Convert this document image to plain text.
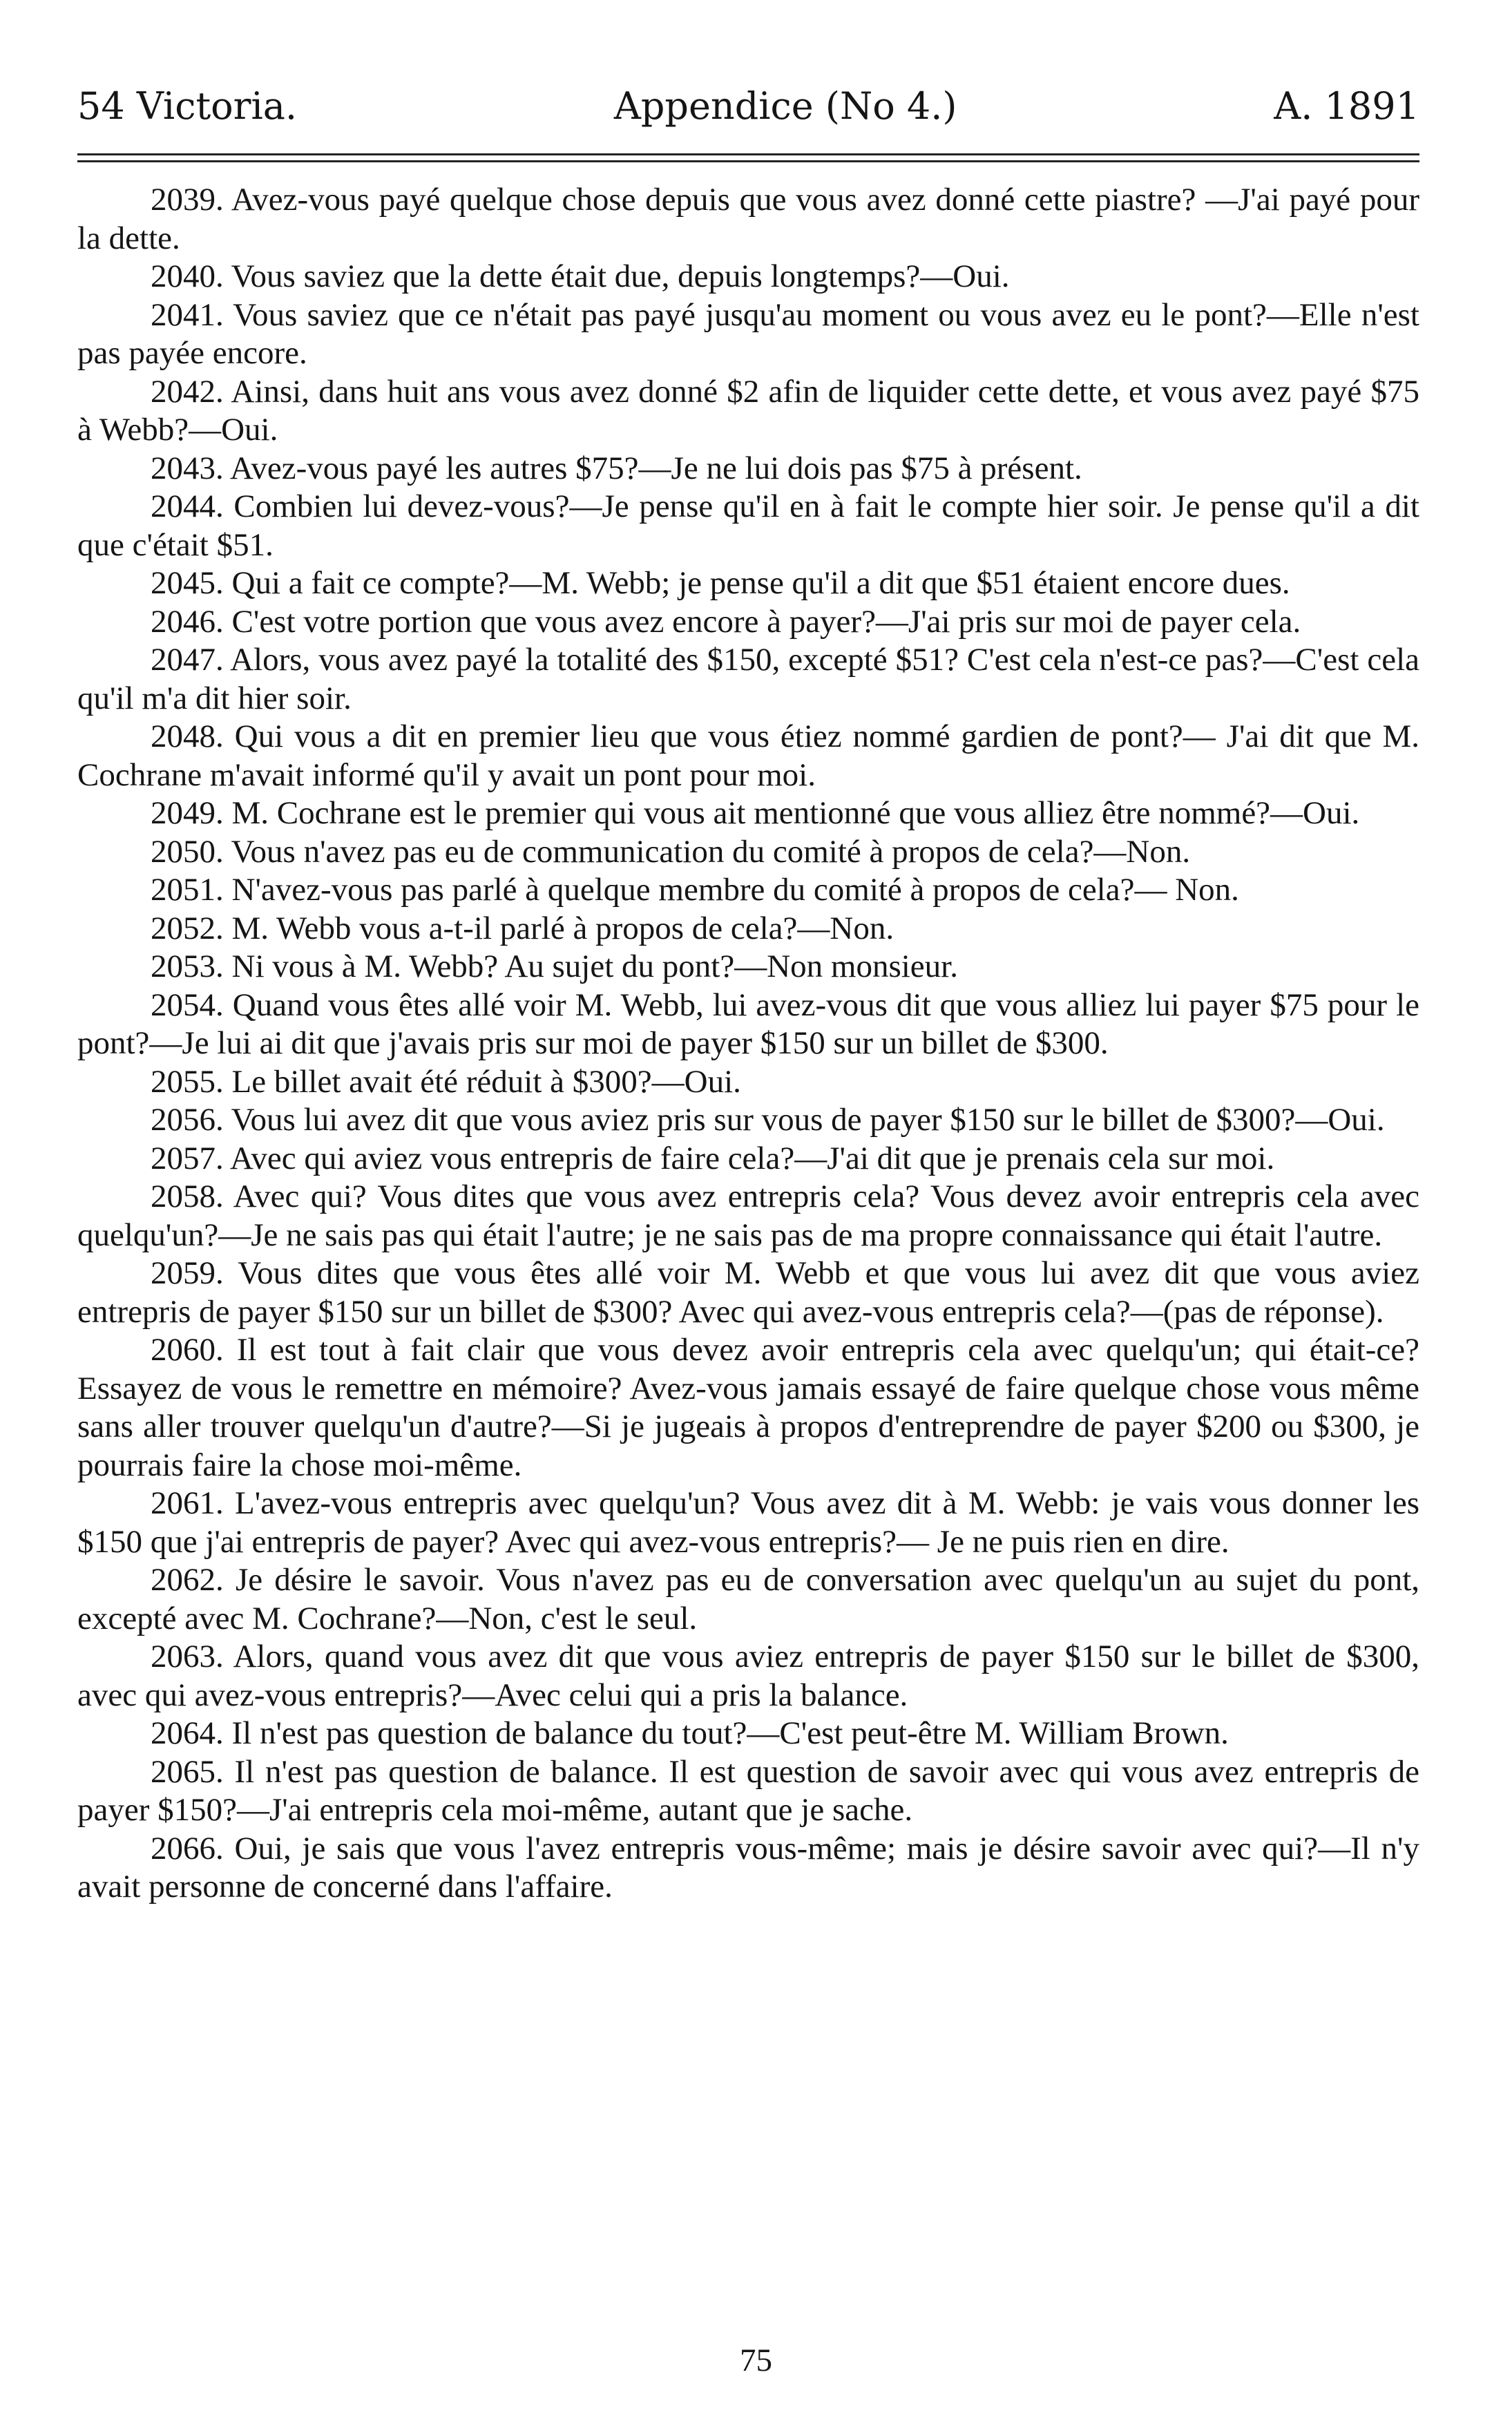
54 Victoria.	Appendice (No 4.)	A. 1891

2039. Avez-vous payé quelque chose depuis que vous avez donné cette piastre? —J'ai payé pour la dette.

2040. Vous saviez que la dette était due, depuis longtemps?—Oui.

2041. Vous saviez que ce n'était pas payé jusqu'au moment ou vous avez eu le pont?—Elle n'est pas payée encore.

2042. Ainsi, dans huit ans vous avez donné $2 afin de liquider cette dette, et vous avez payé $75 à Webb?—Oui.

2043. Avez-vous payé les autres $75?—Je ne lui dois pas $75 à présent.

2044. Combien lui devez-vous?—Je pense qu'il en à fait le compte hier soir. Je pense qu'il a dit que c'était $51.

2045. Qui a fait ce compte?—M. Webb; je pense qu'il a dit que $51 étaient encore dues.

2046. C'est votre portion que vous avez encore à payer?—J'ai pris sur moi de payer cela.

2047. Alors, vous avez payé la totalité des $150, excepté $51? C'est cela n'est-ce pas?—C'est cela qu'il m'a dit hier soir.

2048. Qui vous a dit en premier lieu que vous étiez nommé gardien de pont?— J'ai dit que M. Cochrane m'avait informé qu'il y avait un pont pour moi.

2049. M. Cochrane est le premier qui vous ait mentionné que vous alliez être nommé?—Oui.

2050. Vous n'avez pas eu de communication du comité à propos de cela?—Non.

2051. N'avez-vous pas parlé à quelque membre du comité à propos de cela?— Non.

2052. M. Webb vous a-t-il parlé à propos de cela?—Non.

2053. Ni vous à M. Webb? Au sujet du pont?—Non monsieur.

2054. Quand vous êtes allé voir M. Webb, lui avez-vous dit que vous alliez lui payer $75 pour le pont?—Je lui ai dit que j'avais pris sur moi de payer $150 sur un billet de $300.

2055. Le billet avait été réduit à $300?—Oui.

2056. Vous lui avez dit que vous aviez pris sur vous de payer $150 sur le billet de $300?—Oui.

2057. Avec qui aviez vous entrepris de faire cela?—J'ai dit que je prenais cela sur moi.

2058. Avec qui? Vous dites que vous avez entrepris cela? Vous devez avoir entrepris cela avec quelqu'un?—Je ne sais pas qui était l'autre; je ne sais pas de ma propre connaissance qui était l'autre.

2059. Vous dites que vous êtes allé voir M. Webb et que vous lui avez dit que vous aviez entrepris de payer $150 sur un billet de $300? Avec qui avez-vous entrepris cela?—(pas de réponse).

2060. Il est tout à fait clair que vous devez avoir entrepris cela avec quelqu'un; qui était-ce? Essayez de vous le remettre en mémoire? Avez-vous jamais essayé de faire quelque chose vous même sans aller trouver quelqu'un d'autre?—Si je jugeais à propos d'entreprendre de payer $200 ou $300, je pourrais faire la chose moi-même.

2061. L'avez-vous entrepris avec quelqu'un? Vous avez dit à M. Webb: je vais vous donner les $150 que j'ai entrepris de payer? Avec qui avez-vous entrepris?— Je ne puis rien en dire.

2062. Je désire le savoir. Vous n'avez pas eu de conversation avec quelqu'un au sujet du pont, excepté avec M. Cochrane?—Non, c'est le seul.

2063. Alors, quand vous avez dit que vous aviez entrepris de payer $150 sur le billet de $300, avec qui avez-vous entrepris?—Avec celui qui a pris la balance.

2064. Il n'est pas question de balance du tout?—C'est peut-être M. William Brown.

2065. Il n'est pas question de balance. Il est question de savoir avec qui vous avez entrepris de payer $150?—J'ai entrepris cela moi-même, autant que je sache.

2066. Oui, je sais que vous l'avez entrepris vous-même; mais je désire savoir avec qui?—Il n'y avait personne de concerné dans l'affaire.

75
